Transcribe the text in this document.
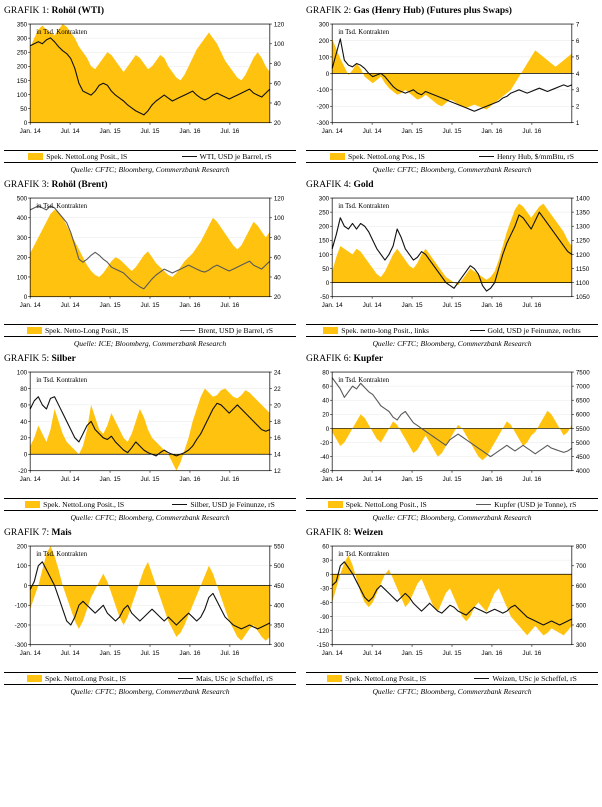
GRAFIK 1: Rohöl (WTI)
0
50
100
150
200
250
300
350
20
40
60
80
100
120
Jan. 14	Jul. 14	Jan. 15	Jul. 15	Jan. 16	Jul. 16
in Tsd. Kontrakten
Spek. NettoLong Posit., lS	WTI, USD je Barrel, rS
Quelle: CFTC; Bloomberg, Commerzbank Research
GRAFIK 2: Gas (Henry Hub) (Futures plus Swaps)
-300
-200
-100
0
100
200
300
1
2
3
4
5
6
7
Jan. 14	Jul. 14	Jan. 15	Jul. 15	Jan. 16	Jul. 16
in Tsd. Kontrakten
Spek. NettoLong Pos., lS	Henry Hub, $/mmBtu, rS
Quelle: CFTC; Bloomberg, Commerzbank Research
GRAFIK 3: Rohöl (Brent)
0
100
200
300
400
500
20
40
60
80
100
120
Jan. 14	Jul. 14	Jan. 15	Jul. 15	Jan. 16	Jul. 16
in Tsd. Kontrakten
Spek. Netto-Long Posit., lS	Brent, USD je Barrel, rS
Quelle: ICE; Bloomberg, Commerzbank Research
GRAFIK 4: Gold
-50
0
50
100
150
200
250
300
1050
1100
1150
1200
1250
1300
1350
1400
Jan. 14	Jul. 14	Jan. 15	Jul. 15	Jan. 16	Jul. 16
in Tsd. Kontrakten
Spek. netto-long Posit., links	Gold, USD je Feinunze, rechts
Quelle: CFTC; Bloomberg, Commerzbank Research
GRAFIK 5: Silber
-20
0
20
40
60
80
100
12
14
16
18
20
22
24
Jan. 14	Jul. 14	Jan. 15	Jul. 15	Jan. 16	Jul. 16
in Tsd. Kontrakten
Spek. NettoLong Posit., lS	Silber, USD je Feinunze, rS
Quelle: CFTC; Bloomberg, Commerzbank Research
GRAFIK 6: Kupfer
-60
-40
-20
0
20
40
60
80
4000
4500
5000
5500
6000
6500
7000
7500
Jan. 14	Jul. 14	Jan. 15	Jul. 15	Jan. 16	Jul. 16
in Tsd. Kontrakten
Spek. NettoLong Posit., lS	Kupfer (USD je Tonne), rS
Quelle: CFTC; Bloomberg, Commerzbank Research
GRAFIK 7: Mais
-300
-200
-100
0
100
200
300
350
400
450
500
550
Jan. 14	Jul. 14	Jan. 15	Jul. 15	Jan. 16	Jul. 16
in Tsd. Kontrakten
Spek. NettoLong Posit., lS	Mais, USc je Scheffel, rS
Quelle: CFTC; Bloomberg, Commerzbank Research
GRAFIK 8: Weizen
-150
-120
-90
-60
-30
0
30
60
300
400
500
600
700
800
Jan. 14	Jul. 14	Jan. 15	Jul. 15	Jan. 16	Jul. 16
in Tsd. Kontrakten
Spek. NettoLong Posit., lS	Weizen, USc je Scheffel, rS
Quelle: CFTC; Bloomberg, Commerzbank Research
